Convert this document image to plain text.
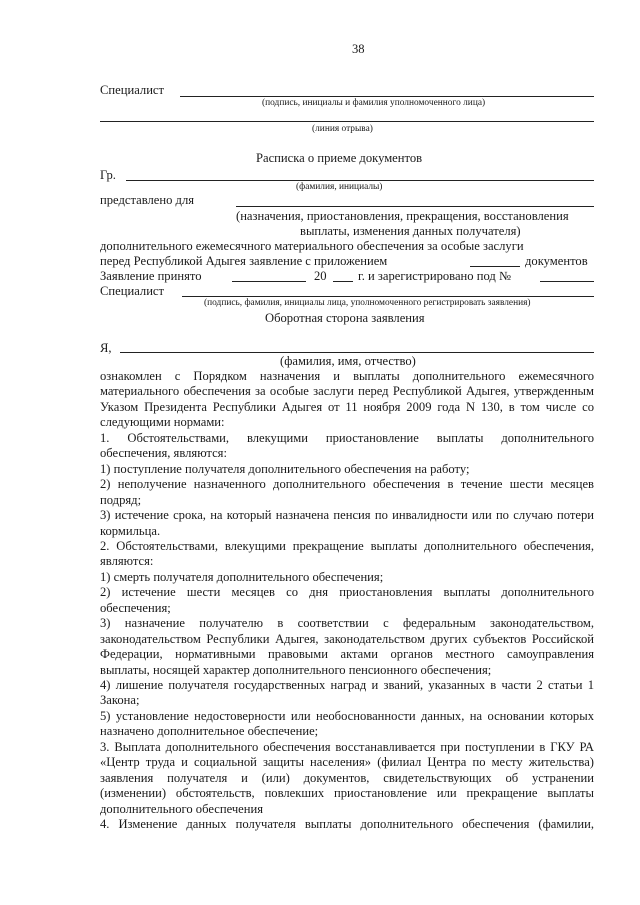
38
Специалист
(подпись, инициалы и фамилия уполномоченного лица)
(линия отрыва)
Расписка о приеме документов
Гр.
(фамилия, инициалы)
представлено для
(назначения, приостановления, прекращения, восстановления
выплаты, изменения данных получателя)
дополнительного ежемесячного материального обеспечения за особые заслуги
перед Республикой Адыгея заявление с приложением	документов
Заявление принято	20 г. и зарегистрировано под №
Специалист
(подпись, фамилия, инициалы лица, уполномоченного регистрировать заявления)
Оборотная сторона заявления
Я,
(фамилия, имя, отчество)
ознакомлен с Порядком назначения и выплаты дополнительного ежемесячного
материального обеспечения за особые заслуги перед Республикой Адыгея, утвержденным
Указом Президента Республики Адыгея от 11 ноября 2009 года N 130, в том числе со
следующими нормами:
1. Обстоятельствами, влекущими приостановление выплаты дополнительного
обеспечения, являются:
1) поступление получателя дополнительного обеспечения на работу;
2) неполучение назначенного дополнительного обеспечения в течение шести месяцев
подряд;
3) истечение срока, на который назначена пенсия по инвалидности или по случаю потери
кормильца.
2. Обстоятельствами, влекущими прекращение выплаты дополнительного обеспечения,
являются:
1) смерть получателя дополнительного обеспечения;
2) истечение шести месяцев со дня приостановления выплаты дополнительного
обеспечения;
3) назначение получателю в соответствии с федеральным законодательством,
законодательством Республики Адыгея, законодательством других субъектов Российской
Федерации, нормативными правовыми актами органов местного самоуправления
выплаты, носящей характер дополнительного пенсионного обеспечения;
4) лишение получателя государственных наград и званий, указанных в части 2 статьи 1
Закона;
5) установление недостоверности или необоснованности данных, на основании которых
назначено дополнительное обеспечение;
3. Выплата дополнительного обеспечения восстанавливается при поступлении в ГКУ РА
«Центр труда и социальной защиты населения» (филиал Центра по месту жительства)
заявления получателя и (или) документов, свидетельствующих об устранении
(изменении) обстоятельств, повлекших приостановление или прекращение выплаты
дополнительного обеспечения
4. Изменение данных получателя выплаты дополнительного обеспечения (фамилии,
